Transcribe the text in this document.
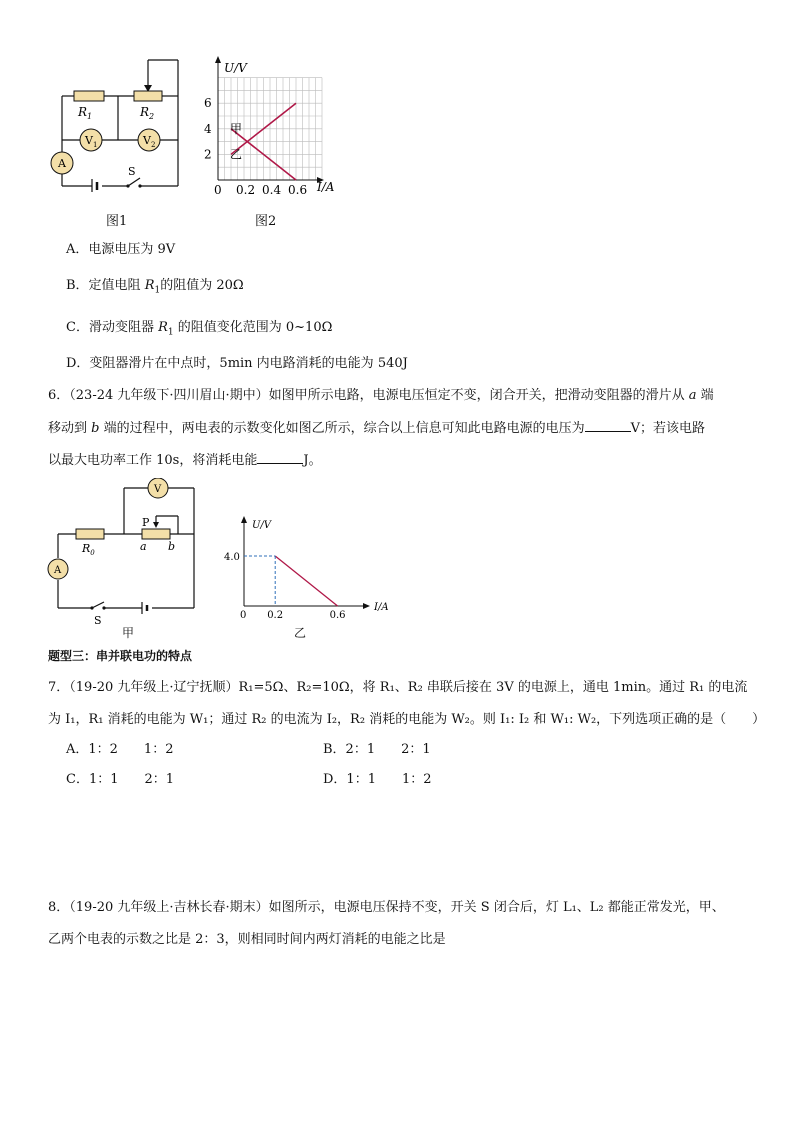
$R_1$	$R_2$
$V_1$	$V_2$
A
S
图1
甲
乙
6
4
2
0 0.2 0.4 0.6
U/V
I/A
图2
A．电源电压为 9V
B．定值电阻 $R_1$的阻值为 20Ω
C．滑动变阻器 $R_1$ 的阻值变化范围为 0~10Ω
D．变阻器滑片在中点时，5min 内电路消耗的电能为 540J
6．（23-24 九年级下·四川眉山·期中）如图甲所示电路，电源电压恒定不变，闭合开关，把滑动变阻器的滑片从 a 端
移动到 b 端的过程中，两电表的示数变化如图乙所示，综合以上信息可知此电路电源的电压为	V；若该电路
以最大电功率工作 10s，将消耗电能	J。
$R_0$
V
A
P
a b
S
甲
4.0
0 0.2	0.6
U/V
I/A
乙
题型三：串并联电功的特点
7．（19-20 九年级上·辽宁抚顺）R₁=5Ω、R₂=10Ω，将 R₁、R₂ 串联后接在 3V 的电源上，通电 1min。通过 R₁ 的电流
为 I₁，R₁ 消耗的电能为 W₁；通过 R₂ 的电流为 I₂，R₂ 消耗的电能为 W₂。则 I₁: I₂ 和 W₁: W₂，下列选项正确的是（　　）
A．1：2　　1：2	B．2：1　　2：1
C．1：1　　2：1	D．1：1　　1：2
8．（19-20 九年级上·吉林长春·期末）如图所示，电源电压保持不变，开关 S 闭合后，灯 L₁、L₂ 都能正常发光，甲、
乙两个电表的示数之比是 2：3，则相同时间内两灯消耗的电能之比是
